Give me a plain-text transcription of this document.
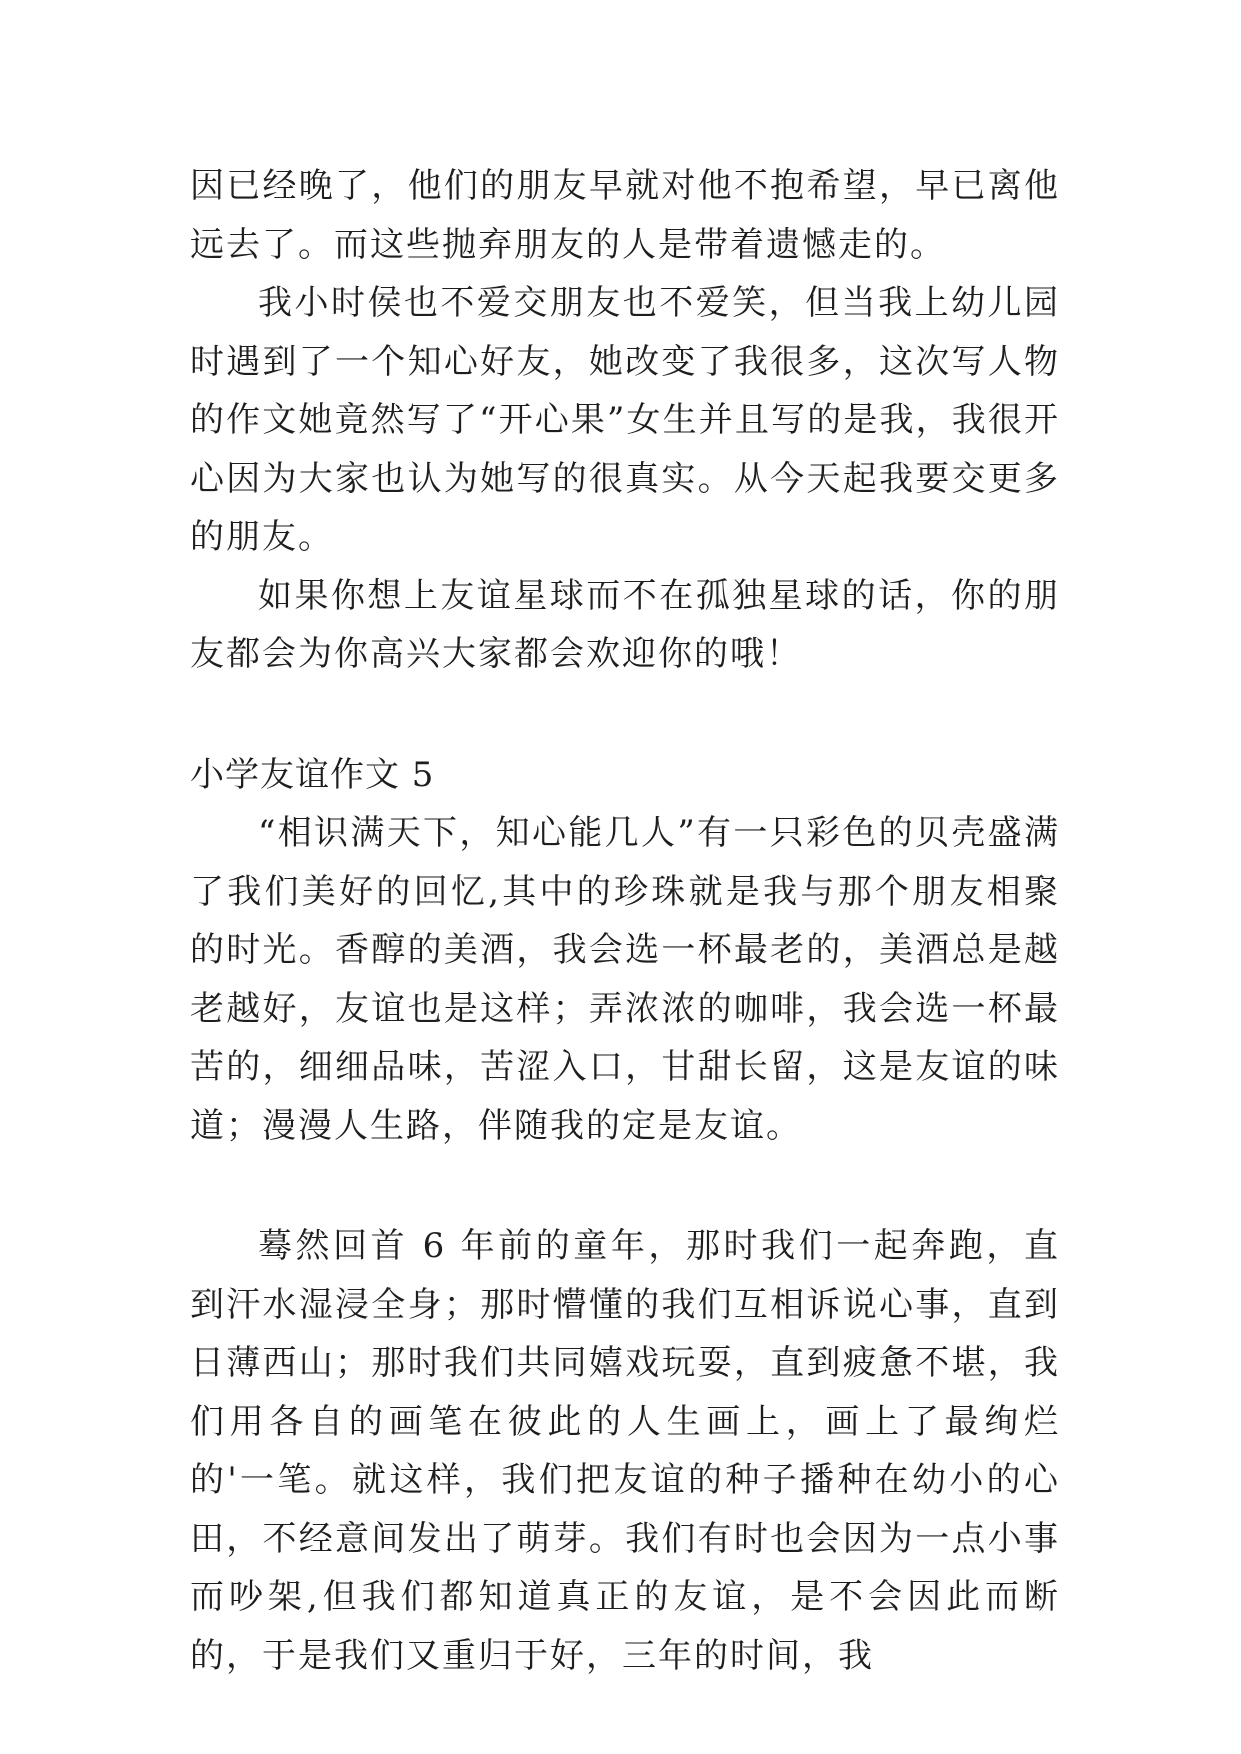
因已经晚了，他们的朋友早就对他不抱希望，早已离他远去了。而这些抛弃朋友的人是带着遗憾走的。

我小时侯也不爱交朋友也不爱笑，但当我上幼儿园时遇到了一个知心好友，她改变了我很多，这次写人物的作文她竟然写了“开心果”女生并且写的是我，我很开心因为大家也认为她写的很真实。从今天起我要交更多的朋友。

如果你想上友谊星球而不在孤独星球的话，你的朋友都会为你高兴大家都会欢迎你的哦！

小学友谊作文 5

“相识满天下，知心能几人”有一只彩色的贝壳盛满了我们美好的回忆,其中的珍珠就是我与那个朋友相聚的时光。香醇的美酒，我会选一杯最老的，美酒总是越老越好，友谊也是这样；弄浓浓的咖啡，我会选一杯最苦的，细细品味，苦涩入口，甘甜长留，这是友谊的味道；漫漫人生路，伴随我的定是友谊。

蓦然回首 6 年前的童年，那时我们一起奔跑，直到汗水湿浸全身；那时懵懂的我们互相诉说心事，直到日薄西山；那时我们共同嬉戏玩耍，直到疲惫不堪，我们用各自的画笔在彼此的人生画上，画上了最绚烂的'一笔。就这样，我们把友谊的种子播种在幼小的心田，不经意间发出了萌芽。我们有时也会因为一点小事而吵架,但我们都知道真正的友谊，是不会因此而断的，于是我们又重归于好，三年的时间，我
